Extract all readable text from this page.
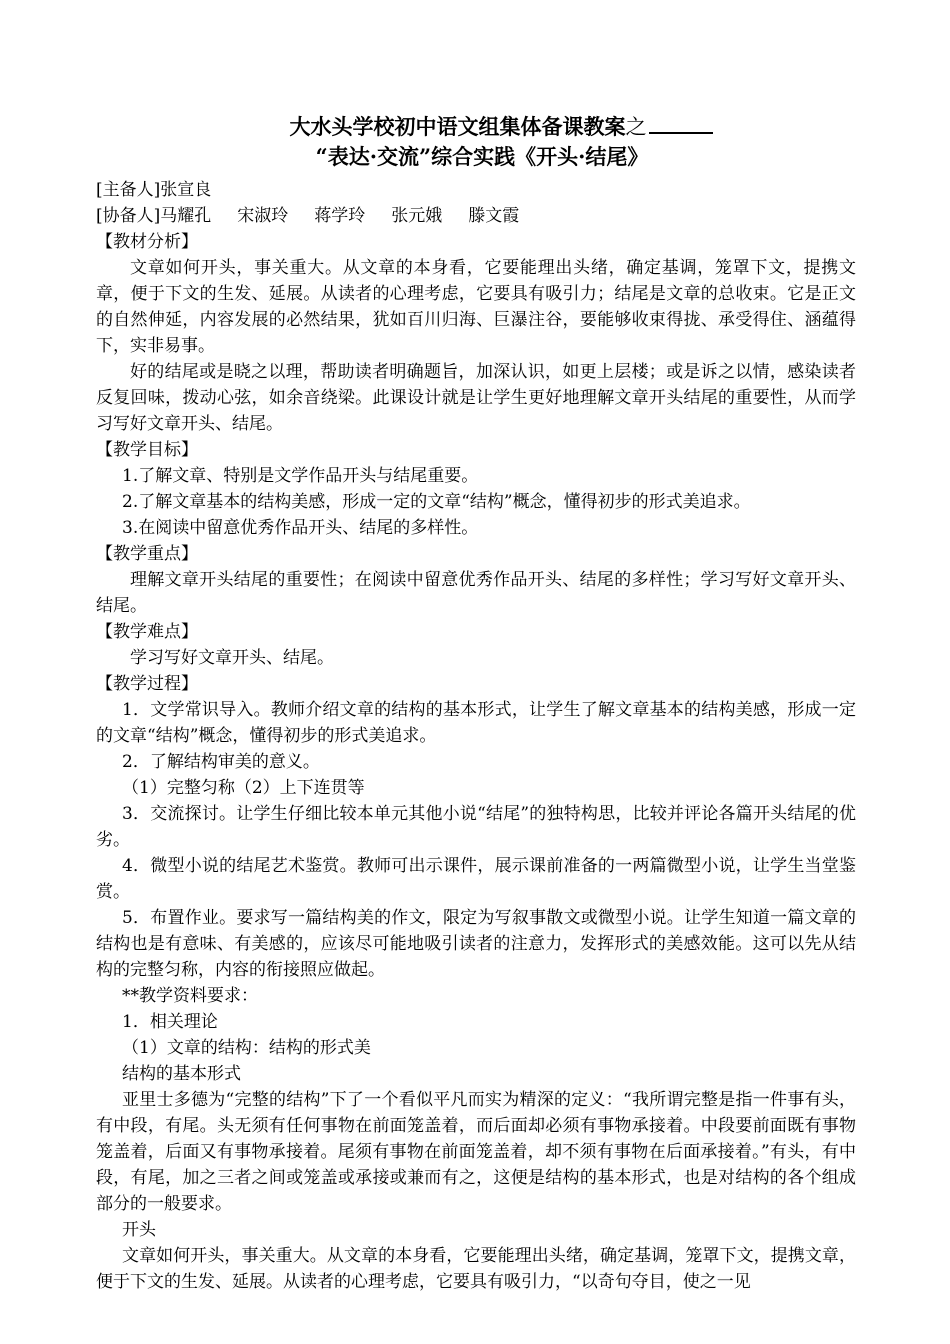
大水头学校初中语文组集体备课教案之

“表达·交流”综合实践《开头·结尾》

[主备人]张宣良

[协备人]马耀孔 宋淑玲 蒋学玲 张元娥 滕文霞

【教材分析】

文章如何开头，事关重大。从文章的本身看，它要能理出头绪，确定基调，笼罩下文，提携文章，便于下文的生发、延展。从读者的心理考虑，它要具有吸引力；结尾是文章的总收束。它是正文的自然伸延，内容发展的必然结果，犹如百川归海、巨瀑注谷，要能够收束得拢、承受得住、涵蕴得下，实非易事。

好的结尾或是晓之以理，帮助读者明确题旨，加深认识，如更上层楼；或是诉之以情，感染读者反复回味，拨动心弦，如余音绕梁。此课设计就是让学生更好地理解文章开头结尾的重要性，从而学习写好文章开头、结尾。

【教学目标】

1.了解文章、特别是文学作品开头与结尾重要。

2.了解文章基本的结构美感，形成一定的文章“结构”概念，懂得初步的形式美追求。

3.在阅读中留意优秀作品开头、结尾的多样性。

【教学重点】

理解文章开头结尾的重要性；在阅读中留意优秀作品开头、结尾的多样性；学习写好文章开头、结尾。

【教学难点】

学习写好文章开头、结尾。

【教学过程】

1．文学常识导入。教师介绍文章的结构的基本形式，让学生了解文章基本的结构美感，形成一定的文章“结构”概念，懂得初步的形式美追求。

2．了解结构审美的意义。

（1）完整匀称（2）上下连贯等

3．交流探讨。让学生仔细比较本单元其他小说“结尾”的独特构思，比较并评论各篇开头结尾的优劣。

4．微型小说的结尾艺术鉴赏。教师可出示课件，展示课前准备的一两篇微型小说，让学生当堂鉴赏。

5．布置作业。要求写一篇结构美的作文，限定为写叙事散文或微型小说。让学生知道一篇文章的结构也是有意味、有美感的，应该尽可能地吸引读者的注意力，发挥形式的美感效能。这可以先从结构的完整匀称，内容的衔接照应做起。

**教学资料要求：

1．相关理论

（1）文章的结构：结构的形式美

结构的基本形式

亚里士多德为“完整的结构”下了一个看似平凡而实为精深的定义：“我所谓完整是指一件事有头，有中段，有尾。头无须有任何事物在前面笼盖着，而后面却必须有事物承接着。中段要前面既有事物笼盖着，后面又有事物承接着。尾须有事物在前面笼盖着，却不须有事物在后面承接着。”有头，有中段，有尾，加之三者之间或笼盖或承接或兼而有之，这便是结构的基本形式，也是对结构的各个组成部分的一般要求。

开头

文章如何开头，事关重大。从文章的本身看，它要能理出头绪，确定基调，笼罩下文，提携文章，便于下文的生发、延展。从读者的心理考虑，它要具有吸引力，“以奇句夺目，使之一见
